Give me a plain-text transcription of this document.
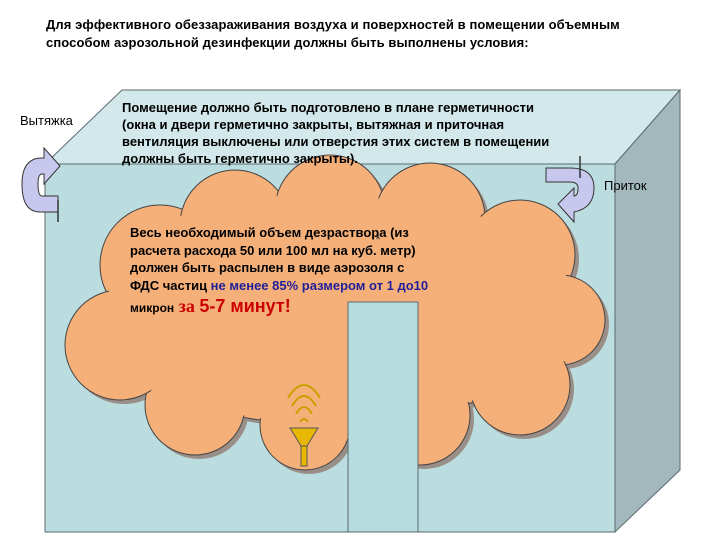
Для эффективного обеззараживания воздуха и поверхностей в помещении объемным
способом аэрозольной дезинфекции должны быть выполнены условия:
Вытяжка
Приток
Помещение должно быть подготовлено в плане герметичности
(окна и двери герметично закрыты, вытяжная и приточная
вентиляция выключены или отверстия этих систем в помещении
должны быть герметично закрыты).
Весь необходимый объем дезраствора (из
расчета расхода 50 или 100 мл на куб. метр)
должен быть распылен в виде аэрозоля с
ФДС частиц не менее 85% размером от 1 до10
микрон за 5-7 минут!
